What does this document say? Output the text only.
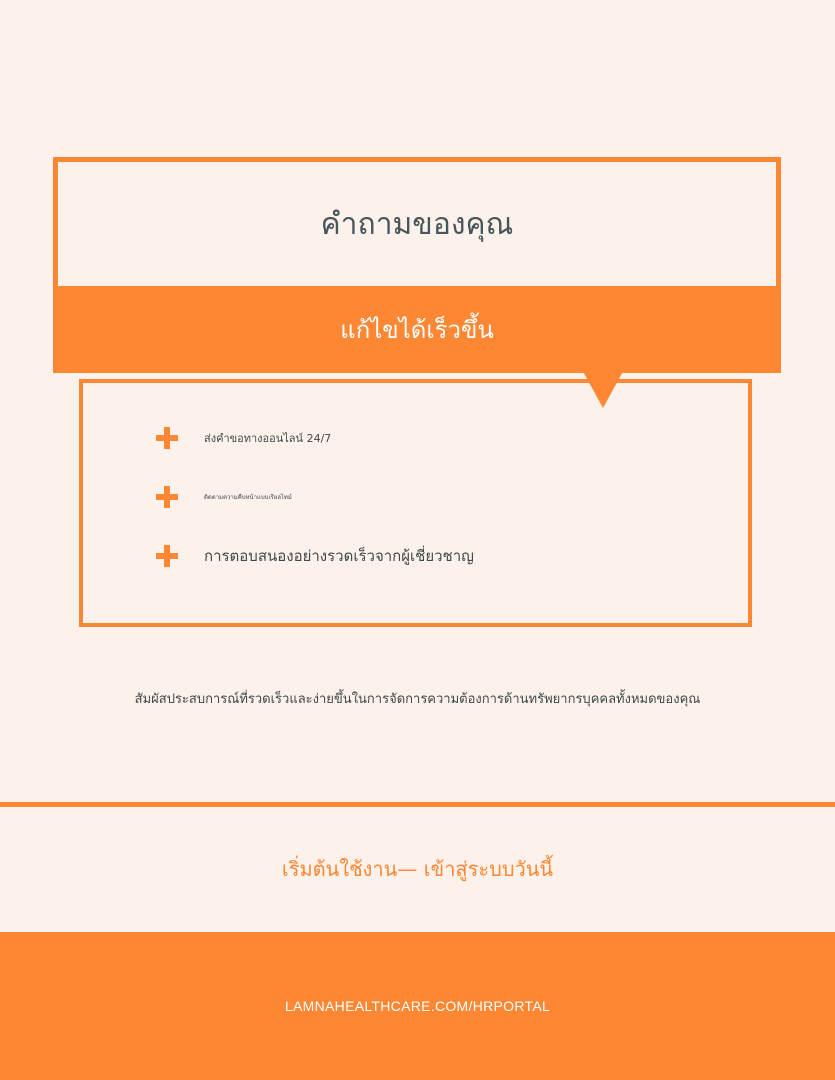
คำถามของคุณ
แก้ไขได้เร็วขึ้น
ส่งคำขอทางออนไลน์ 24/7
ติดตามความคืบหน้าแบบเรียลไทม์
การตอบสนองอย่างรวดเร็วจากผู้เชี่ยวชาญ

สัมผัสประสบการณ์ที่รวดเร็วและง่ายขึ้นในการจัดการความต้องการด้านทรัพยากรบุคคลทั้งหมดของคุณ

เริ่มต้นใช้งาน— เข้าสู่ระบบวันนี้

LAMNAHEALTHCARE.COM/HRPORTAL
